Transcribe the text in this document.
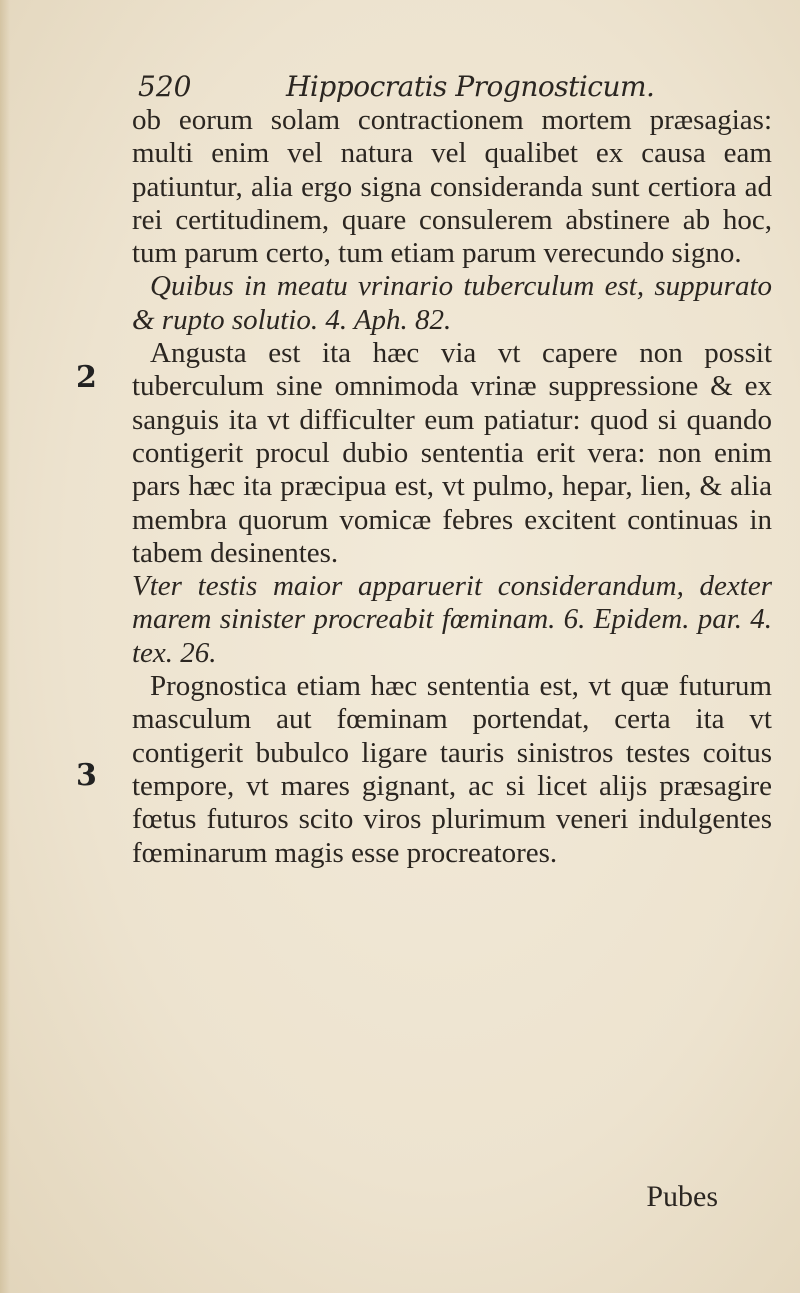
520	Hippocratis Prognosticum.
2
3

ob eorum solam contractionem mortem præsagias: multi enim vel natura vel qualibet ex causa eam patiuntur, alia ergo signa consideranda sunt certiora ad rei certitudinem, quare consulerem abstinere ab hoc, tum parum certo, tum etiam parum verecundo signo.

Quibus in meatu vrinario tuberculum est, suppurato & rupto solutio. 4. Aph. 82.

Angusta est ita hæc via vt capere non possit tuberculum sine omnimoda vrinæ suppressione & ex sanguis ita vt difficulter eum patiatur: quod si quando contigerit procul dubio sententia erit vera: non enim pars hæc ita præcipua est, vt pulmo, hepar, lien, & alia membra quorum vomicæ febres excitent continuas in tabem desinentes.

Vter testis maior apparuerit considerandum, dexter marem sinister procreabit fœminam. 6. Epidem. par. 4. tex. 26.

Prognostica etiam hæc sententia est, vt quæ futurum masculum aut fœminam portendat, certa ita vt contigerit bubulco ligare tauris sinistros testes coitus tempore, vt mares gignant, ac si licet alijs præsagire fœtus futuros scito viros plurimum veneri indulgentes fœminarum magis esse procreatores.

Pubes
